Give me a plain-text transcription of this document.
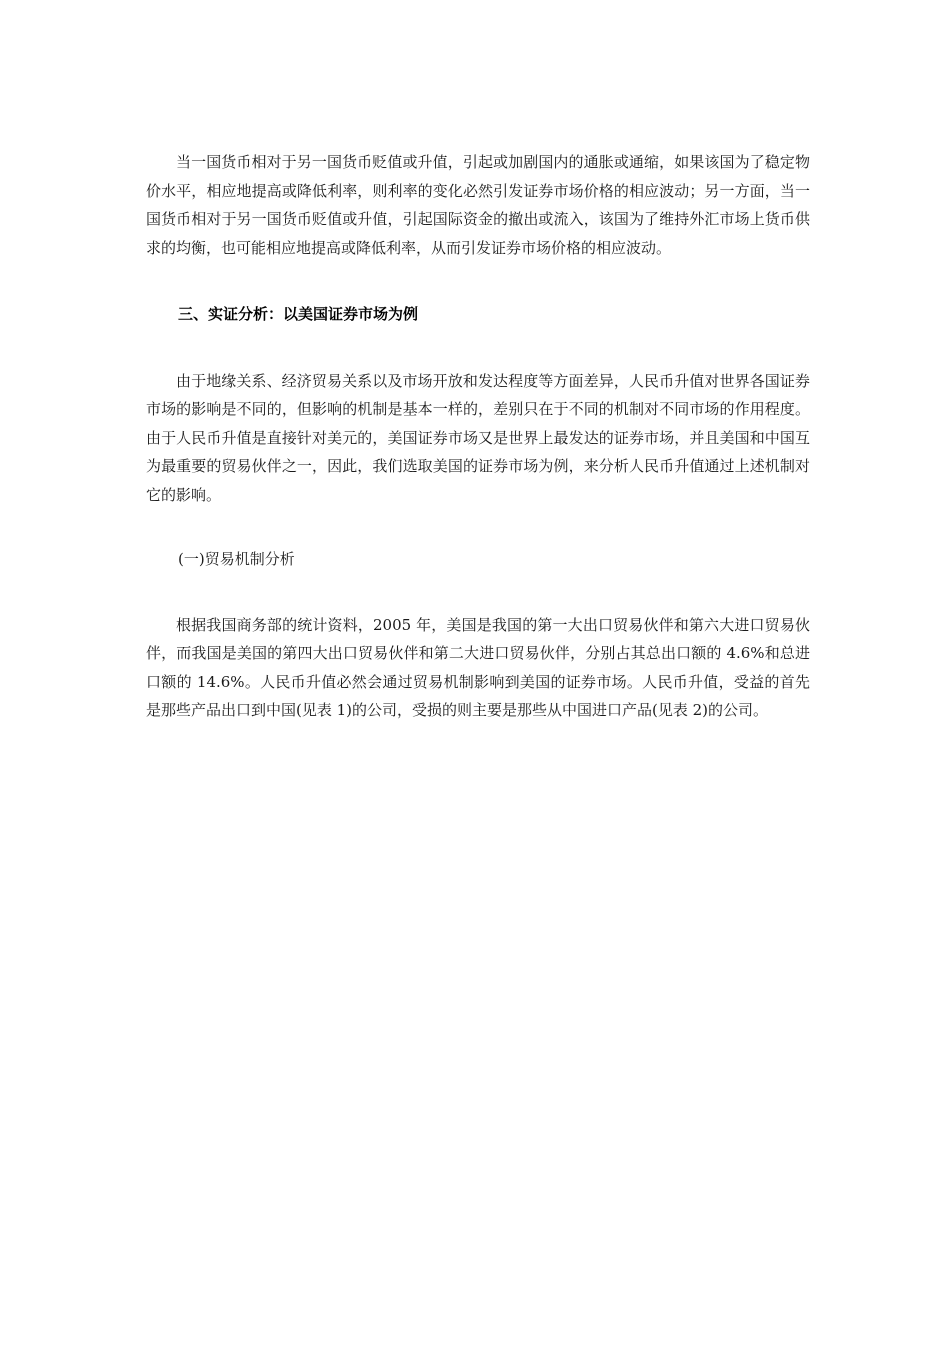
当一国货币相对于另一国货币贬值或升值，引起或加剧国内的通胀或通缩，如果该国为了稳定物价水平，相应地提高或降低利率，则利率的变化必然引发证券市场价格的相应波动；另一方面，当一国货币相对于另一国货币贬值或升值，引起国际资金的撤出或流入，该国为了维持外汇市场上货币供求的均衡，也可能相应地提高或降低利率，从而引发证券市场价格的相应波动。

三、实证分析：以美国证券市场为例

由于地缘关系、经济贸易关系以及市场开放和发达程度等方面差异，人民币升值对世界各国证券市场的影响是不同的，但影响的机制是基本一样的，差别只在于不同的机制对不同市场的作用程度。由于人民币升值是直接针对美元的，美国证券市场又是世界上最发达的证券市场，并且美国和中国互为最重要的贸易伙伴之一，因此，我们选取美国的证券市场为例，来分析人民币升值通过上述机制对它的影响。

(一)贸易机制分析

根据我国商务部的统计资料，2005 年，美国是我国的第一大出口贸易伙伴和第六大进口贸易伙伴，而我国是美国的第四大出口贸易伙伴和第二大进口贸易伙伴，分别占其总出口额的 4.6%和总进口额的 14.6%。人民币升值必然会通过贸易机制影响到美国的证券市场。人民币升值，受益的首先是那些产品出口到中国(见表 1)的公司，受损的则主要是那些从中国进口产品(见表 2)的公司。
